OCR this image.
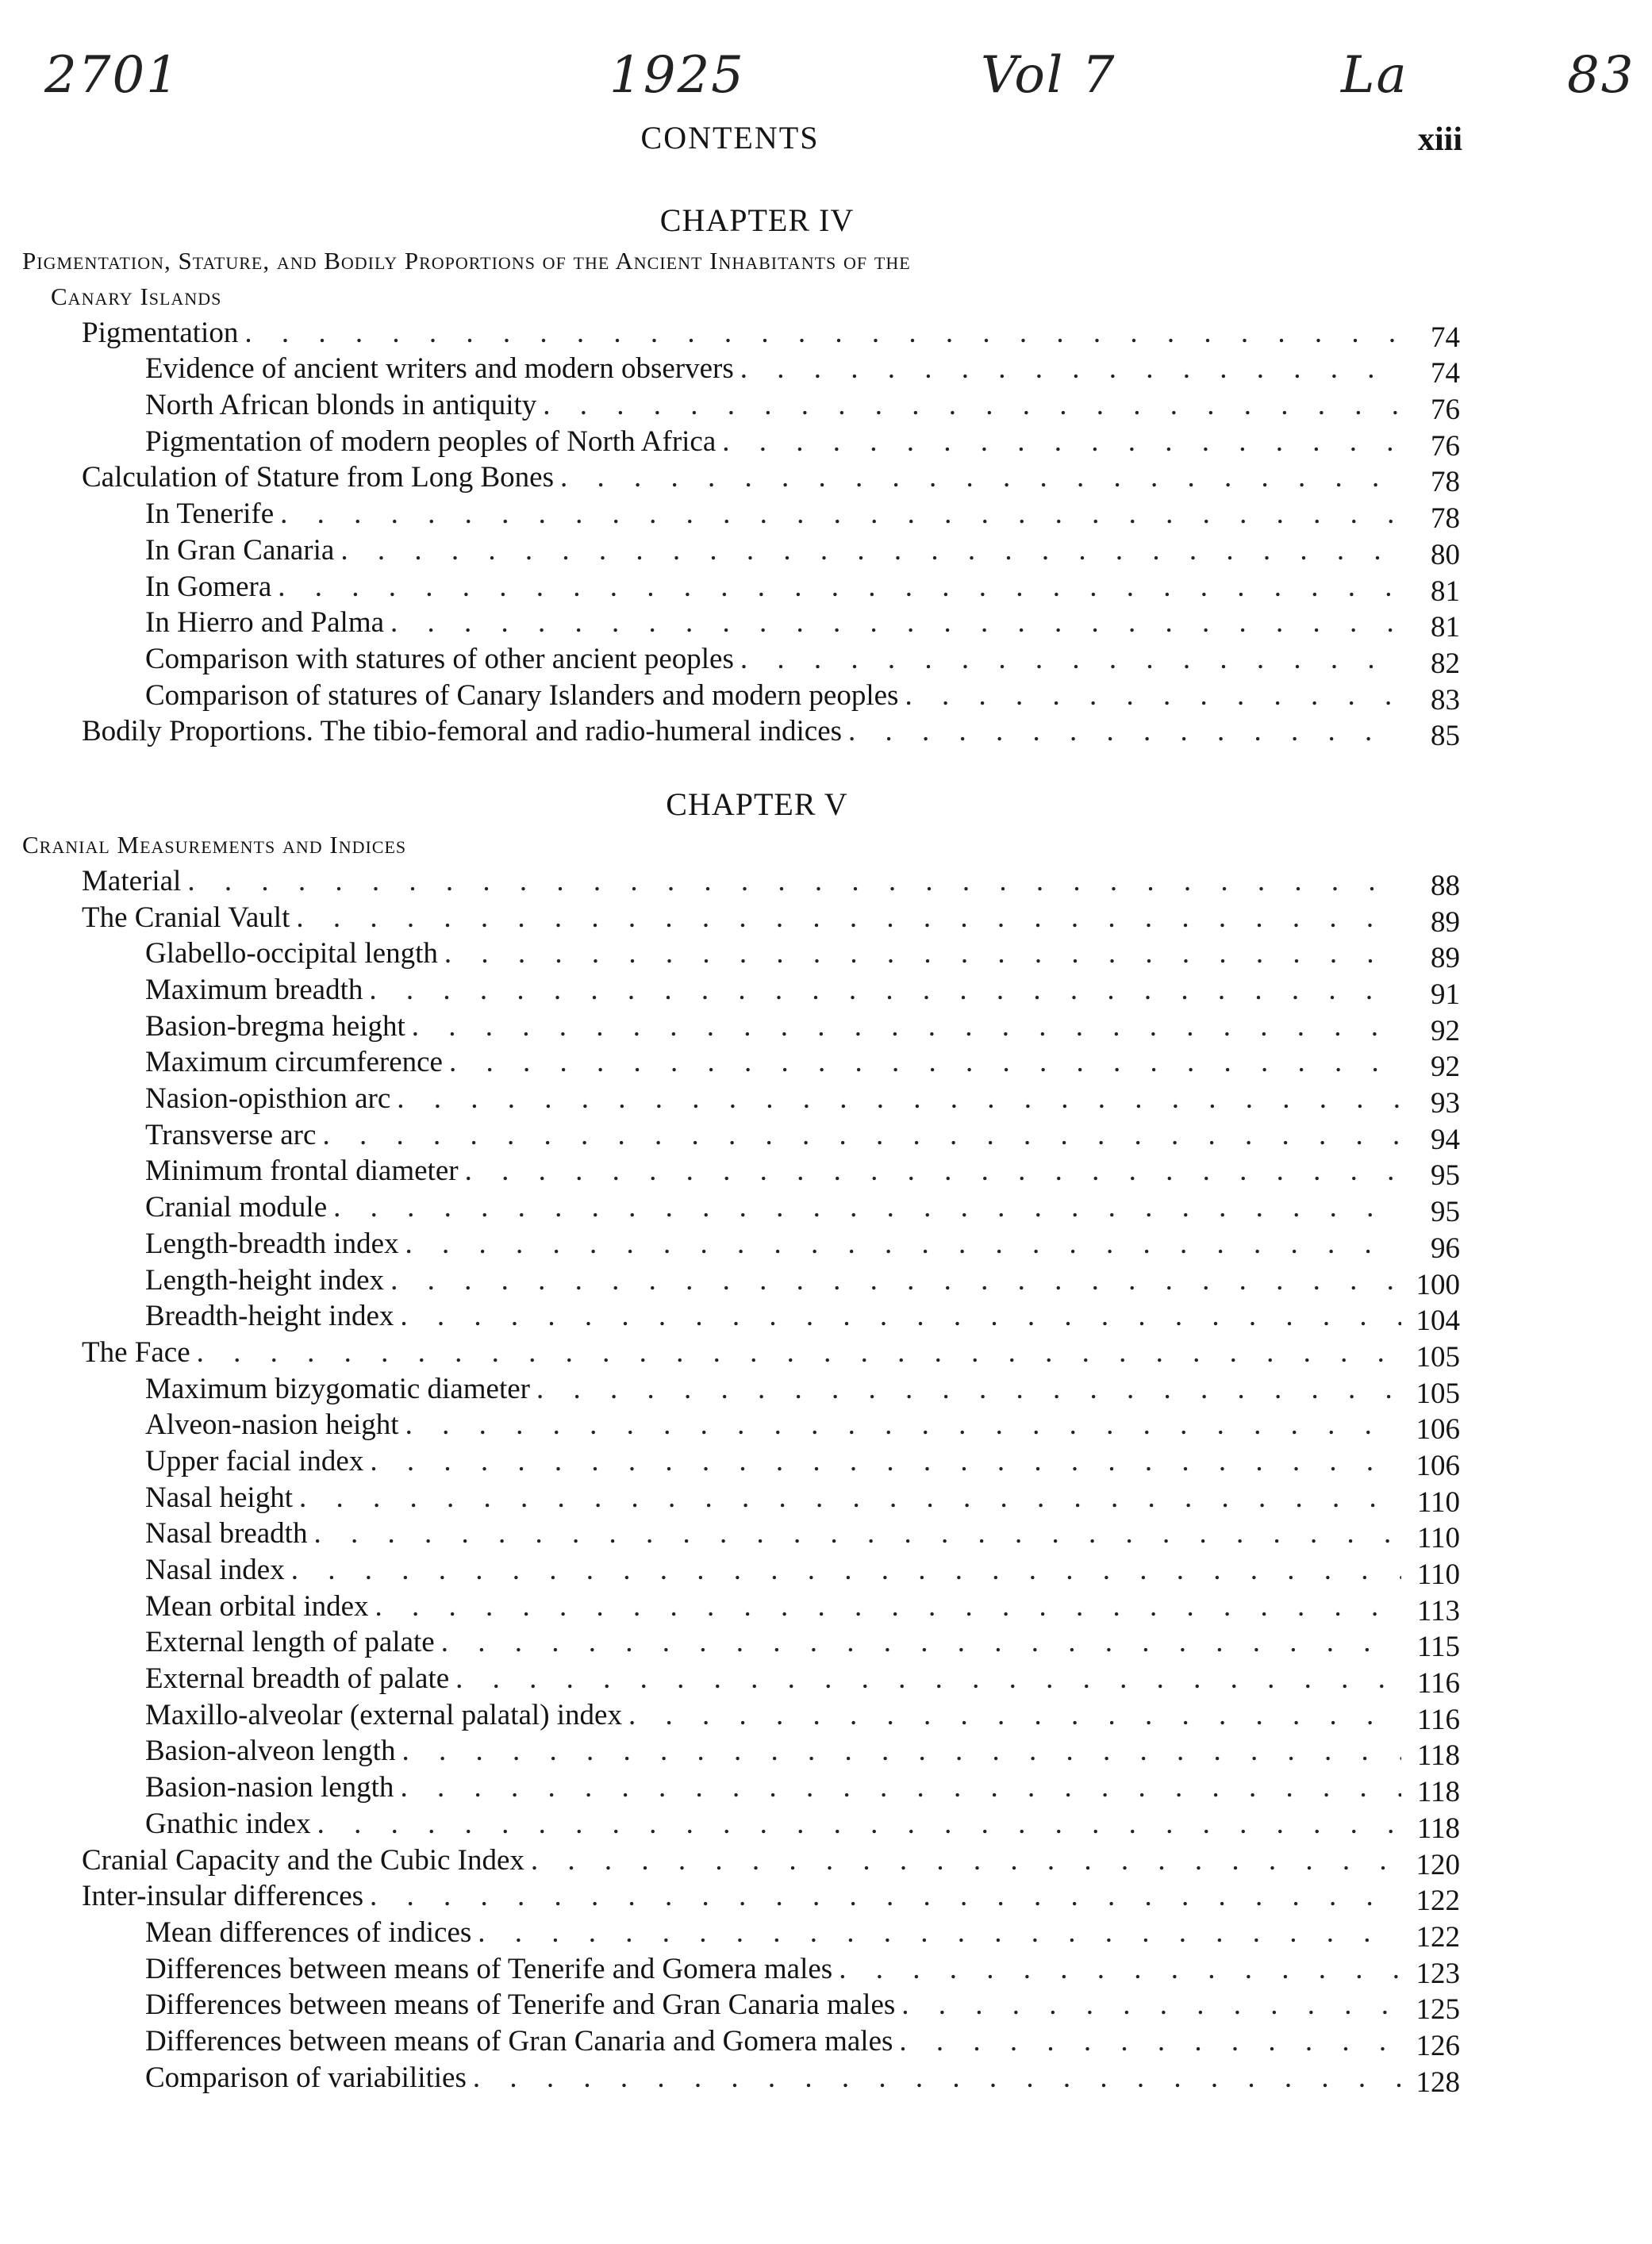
2701	1925	Vol 7	La	83
CONTENTS	xiii
CHAPTER IV
Pigmentation, Stature, and Bodily Proportions of the Ancient Inhabitants of the
Canary Islands
Pigmentation . . .	74
Evidence of ancient writers and modern observers . . .	74
North African blonds in antiquity . . .	76
Pigmentation of modern peoples of North Africa . . .	76
Calculation of Stature from Long Bones . . .	78
In Tenerife . . .	78
In Gran Canaria . . .	80
In Gomera . . .	81
In Hierro and Palma . . .	81
Comparison with statures of other ancient peoples . . .	82
Comparison of statures of Canary Islanders and modern peoples . . .	83
Bodily Proportions. The tibio-femoral and radio-humeral indices . . .	85
CHAPTER V
Cranial Measurements and Indices
Material . . .	88
The Cranial Vault . . .	89
Glabello-occipital length . . .	89
Maximum breadth . . .	91
Basion-bregma height . . .	92
Maximum circumference . . .	92
Nasion-opisthion arc . . .	93
Transverse arc . . .	94
Minimum frontal diameter . . .	95
Cranial module . . .	95
Length-breadth index . . .	96
Length-height index . . .	100
Breadth-height index . . .	104
The Face . . .	105
Maximum bizygomatic diameter . . .	105
Alveon-nasion height . . .	106
Upper facial index . . .	106
Nasal height . . .	110
Nasal breadth . . .	110
Nasal index . . .	110
Mean orbital index . . .	113
External length of palate . . .	115
External breadth of palate . . .	116
Maxillo-alveolar (external palatal) index . . .	116
Basion-alveon length . . .	118
Basion-nasion length . . .	118
Gnathic index . . .	118
Cranial Capacity and the Cubic Index . . .	120
Inter-insular differences . . .	122
Mean differences of indices . . .	122
Differences between means of Tenerife and Gomera males . . .	123
Differences between means of Tenerife and Gran Canaria males . . .	125
Differences between means of Gran Canaria and Gomera males . . .	126
Comparison of variabilities . . .	128
